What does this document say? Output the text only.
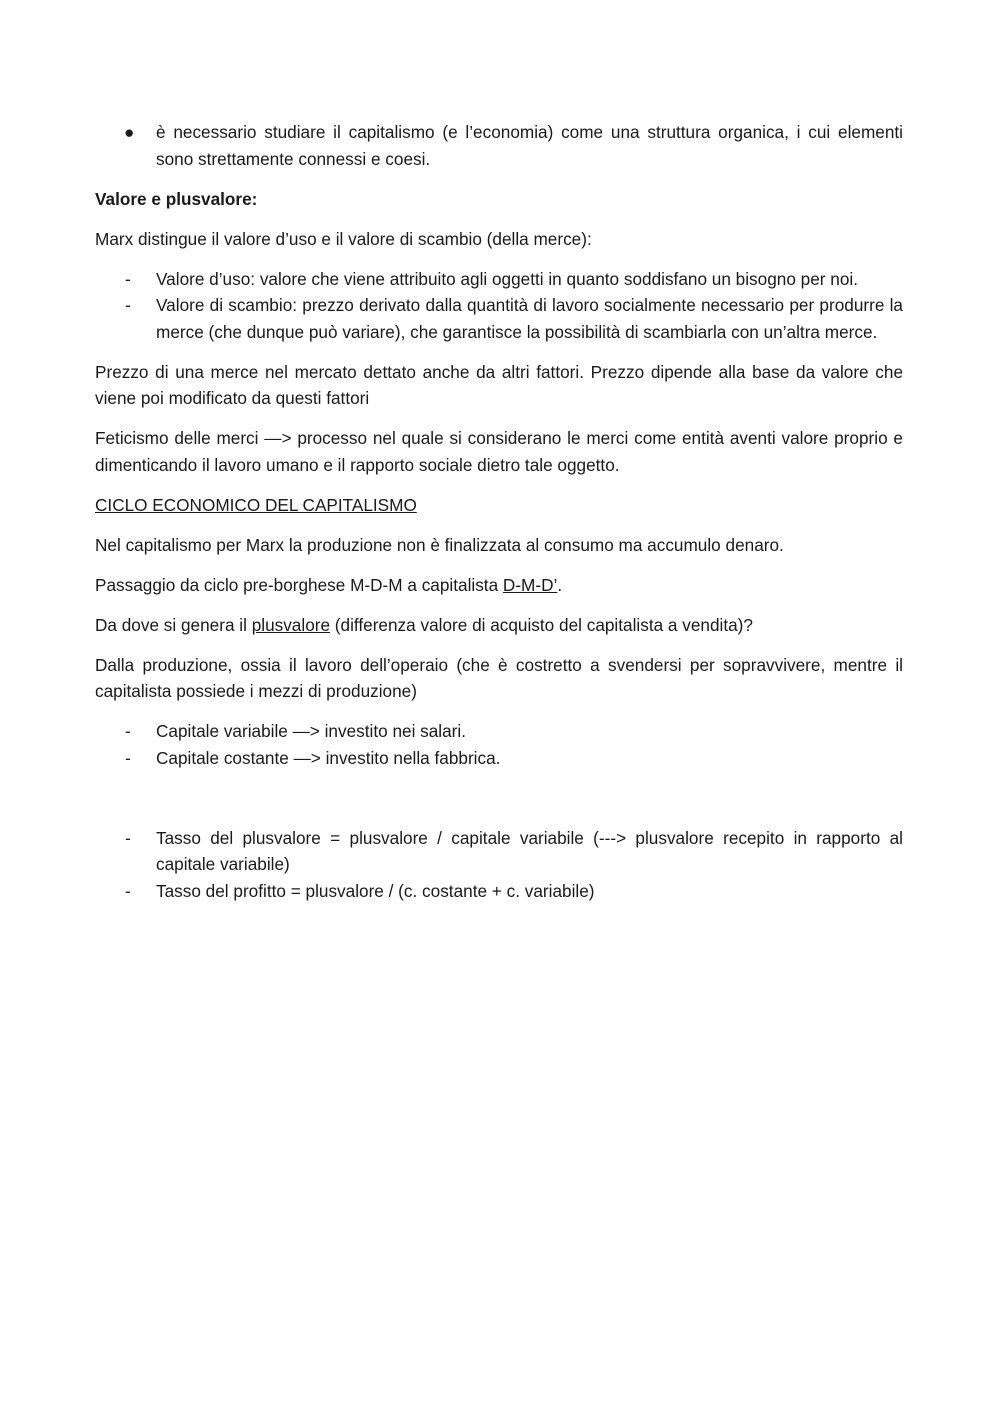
● è necessario studiare il capitalismo (e l’economia) come una struttura organica, i cui elementi sono strettamente connessi e coesi.

Valore e plusvalore:

Marx distingue il valore d’uso e il valore di scambio (della merce):

- Valore d’uso: valore che viene attribuito agli oggetti in quanto soddisfano un bisogno per noi.
- Valore di scambio: prezzo derivato dalla quantità di lavoro socialmente necessario per produrre la merce (che dunque può variare), che garantisce la possibilità di scambiarla con un’altra merce.

Prezzo di una merce nel mercato dettato anche da altri fattori. Prezzo dipende alla base da valore che viene poi modificato da questi fattori

Feticismo delle merci —> processo nel quale si considerano le merci come entità aventi valore proprio e dimenticando il lavoro umano e il rapporto sociale dietro tale oggetto.

CICLO ECONOMICO DEL CAPITALISMO

Nel capitalismo per Marx la produzione non è finalizzata al consumo ma accumulo denaro.

Passaggio da ciclo pre-borghese M-D-M a capitalista D-M-D’.

Da dove si genera il plusvalore (differenza valore di acquisto del capitalista a vendita)?

Dalla produzione, ossia il lavoro dell’operaio (che è costretto a svendersi per sopravvivere, mentre il capitalista possiede i mezzi di produzione)

- Capitale variabile —> investito nei salari.
- Capitale costante —> investito nella fabbrica.
- Tasso del plusvalore = plusvalore / capitale variabile (---> plusvalore recepito in rapporto al capitale variabile)
- Tasso del profitto = plusvalore / (c. costante + c. variabile)
